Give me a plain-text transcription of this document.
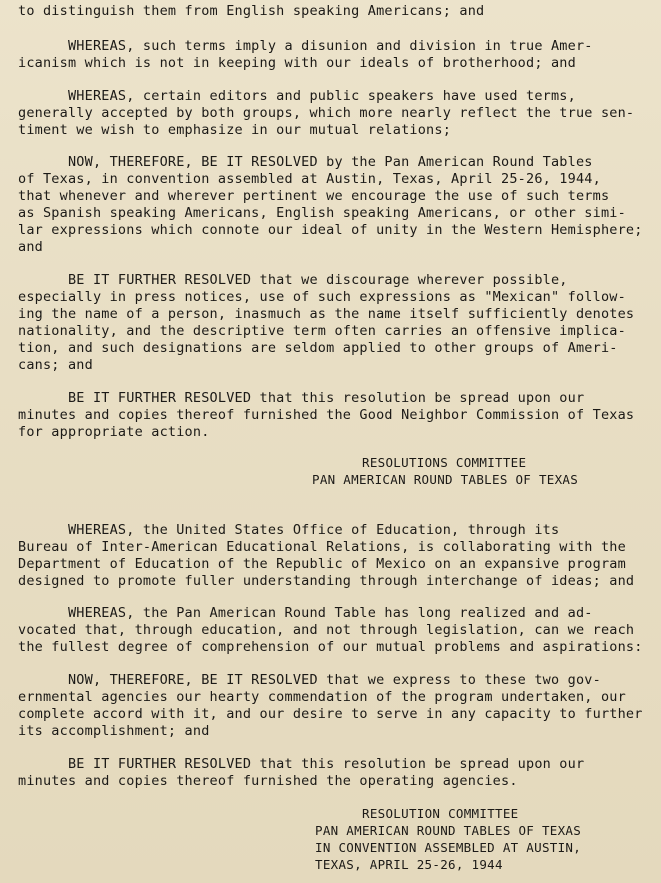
to distinguish them from English speaking Americans; and
WHEREAS, such terms imply a disunion and division in true Amer-
icanism which is not in keeping with our ideals of brotherhood; and
WHEREAS, certain editors and public speakers have used terms,
generally accepted by both groups, which more nearly reflect the true sen-
timent we wish to emphasize in our mutual relations;
NOW, THEREFORE, BE IT RESOLVED by the Pan American Round Tables
of Texas, in convention assembled at Austin, Texas, April 25-26, 1944,
that whenever and wherever pertinent we encourage the use of such terms
as Spanish speaking Americans, English speaking Americans, or other simi-
lar expressions which connote our ideal of unity in the Western Hemisphere;
and
BE IT FURTHER RESOLVED that we discourage wherever possible,
especially in press notices, use of such expressions as "Mexican" follow-
ing the name of a person, inasmuch as the name itself sufficiently denotes
nationality, and the descriptive term often carries an offensive implica-
tion, and such designations are seldom applied to other groups of Ameri-
cans; and
BE IT FURTHER RESOLVED that this resolution be spread upon our
minutes and copies thereof furnished the Good Neighbor Commission of Texas
for appropriate action.
RESOLUTIONS COMMITTEE
PAN AMERICAN ROUND TABLES OF TEXAS
WHEREAS, the United States Office of Education, through its
Bureau of Inter-American Educational Relations, is collaborating with the
Department of Education of the Republic of Mexico on an expansive program
designed to promote fuller understanding through interchange of ideas; and
WHEREAS, the Pan American Round Table has long realized and ad-
vocated that, through education, and not through legislation, can we reach
the fullest degree of comprehension of our mutual problems and aspirations:
NOW, THEREFORE, BE IT RESOLVED that we express to these two gov-
ernmental agencies our hearty commendation of the program undertaken, our
complete accord with it, and our desire to serve in any capacity to further
its accomplishment; and
BE IT FURTHER RESOLVED that this resolution be spread upon our
minutes and copies thereof furnished the operating agencies.
RESOLUTION COMMITTEE
PAN AMERICAN ROUND TABLES OF TEXAS
IN CONVENTION ASSEMBLED AT AUSTIN,
TEXAS, APRIL 25-26, 1944
